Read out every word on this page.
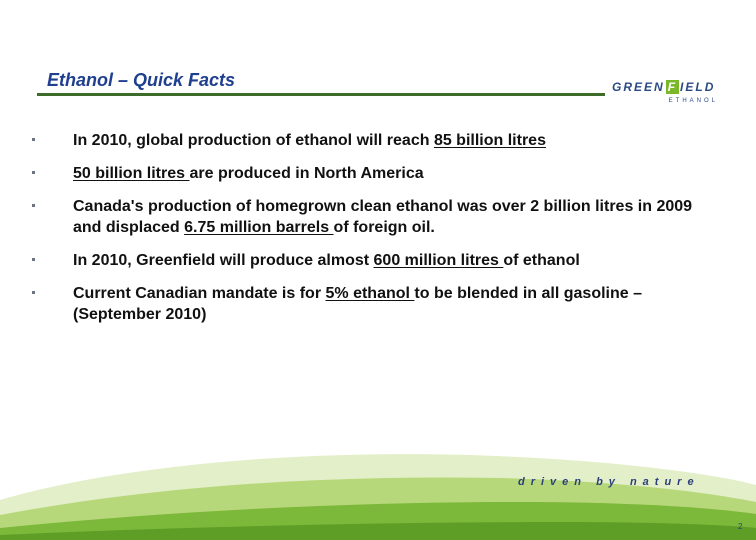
Ethanol – Quick Facts	GREEN F IELD
ETHANOL
In 2010, global production of ethanol will reach 85 billion litres
50 billion litres are produced in North America
Canada's production of homegrown clean ethanol was over 2 billion litres in 2009 and displaced 6.75 million barrels of foreign oil.
In 2010, Greenfield will produce almost 600 million litres of ethanol
Current Canadian mandate is for 5% ethanol to be blended in all gasoline – (September 2010)
driven by nature
2
